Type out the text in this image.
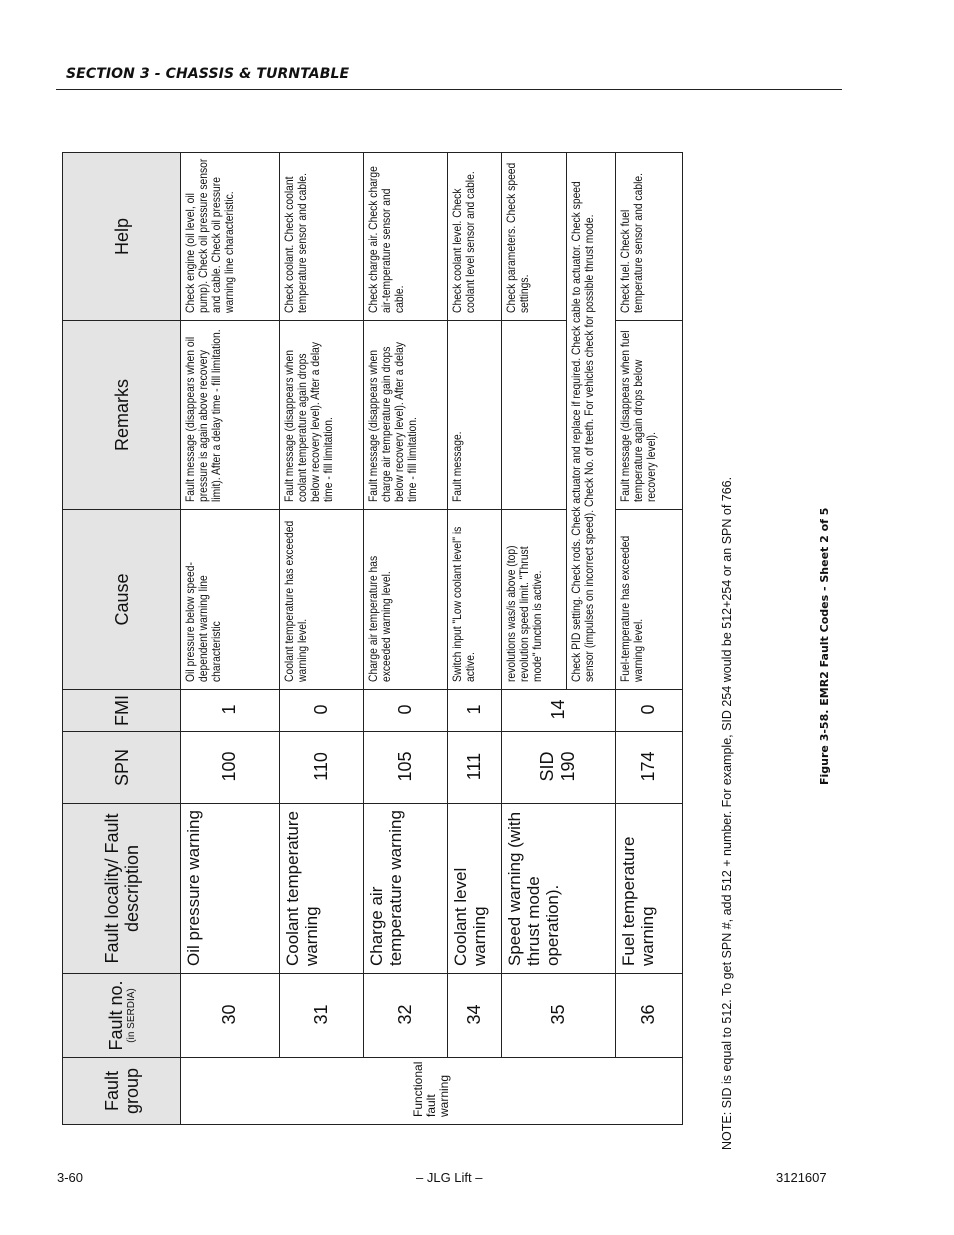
SECTION 3 - CHASSIS & TURNTABLE
Fault group	Fault no. (in SERDIA)	Fault locality/ Fault description	SPN	FMI	Cause	Remarks	Help
Functional fault warning	30	Oil pressure warning	100	1	Oil pressure below speed-dependent warning line characteristic	Fault message (disappears when oil pressure is again above recovery limit). After a delay time - fill limitation.	Check engine (oil level, oil pump). Check oil pressure sensor and cable. Check oil pressure warning line characteristic.

	31	Coolant temperature warning	110	0	Coolant temperature has exceeded warning level.	Fault message (disappears when coolant temperature again drops below recovery level). After a delay time - fill limitation.	Check coolant. Check coolant temperature sensor and cable.

	32	Charge air temperature warning	105	0	Charge air temperature has exceeded warning level.	Fault message (disappears when charge air temperature gain drops below recovery level). After a delay time - fill limitation.	Check charge air. Check charge air-temperature sensor and cable.

	34	Coolant level warning	111	1	Switch input "Low coolant level" is active.	Fault message.	Check coolant level. Check coolant level sensor and cable.

	35	Speed warning (with thrust mode operation).	SID 190	14	revolutions was/is above (top) revolution speed limit. "Thrust mode" function is active.		Check parameters. Check speed settings.

					Check PID setting. Check rods. Check actuator and replace if required. Check cable to actuator. Check speed sensor (impulses on incorrect speed). Check No. of teeth. For vehicles check for possible thrust mode.		

	36	Fuel temperature warning	174	0	Fuel-temperature has exceeded warning level.	Fault message (disappears when fuel temperature again drops below recovery level).	Check fuel. Check fuel temperature sensor and cable.
NOTE: SID is equal to 512. To get SPN #, add 512 + number. For example, SID 254 would be 512+254 or an SPN of 766.	Figure 3-58. EMR2 Fault Codes - Sheet 2 of 5
3-60	– JLG Lift –	3121607
